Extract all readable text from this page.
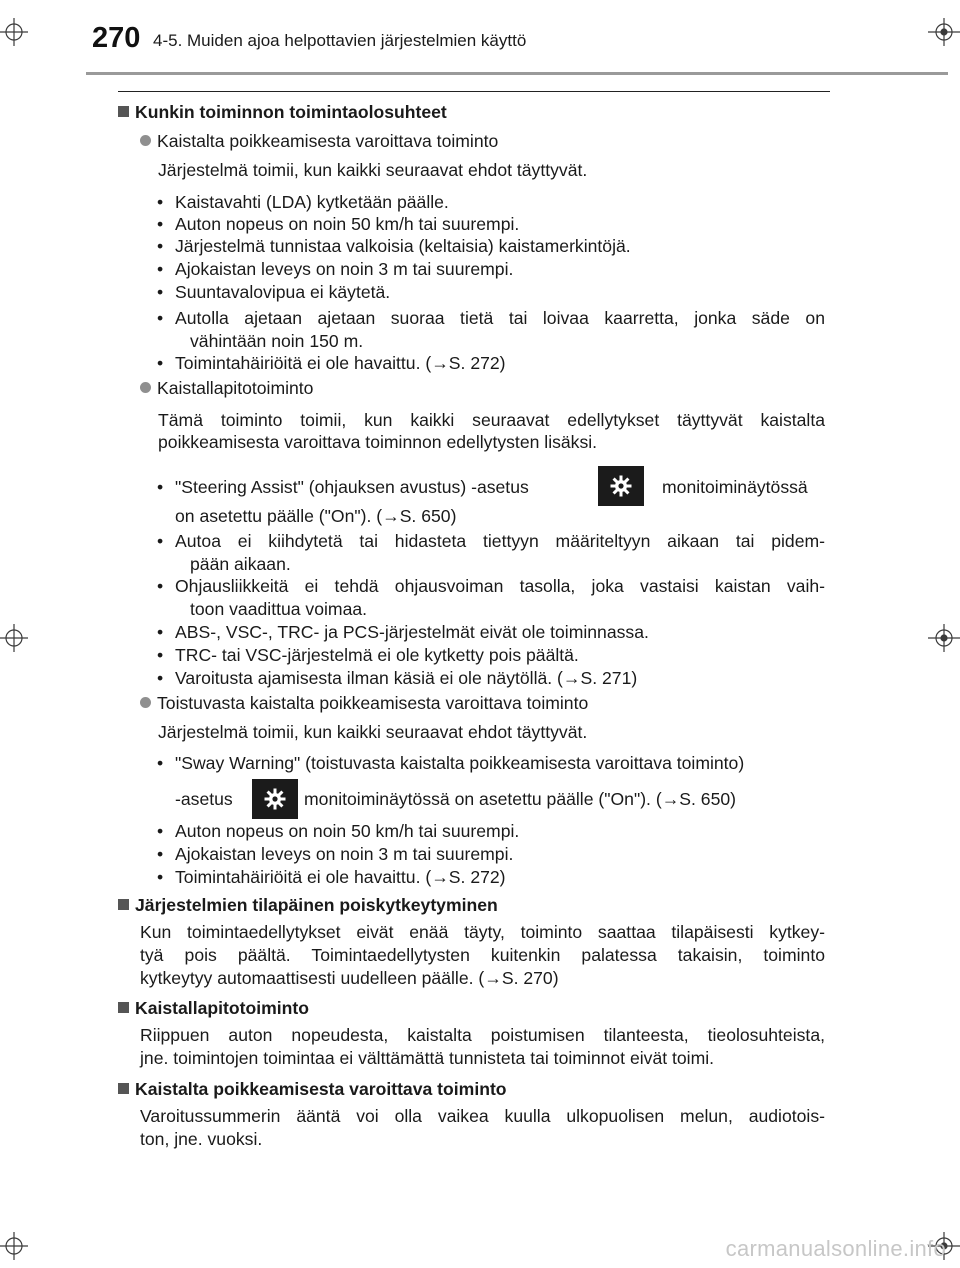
270 4-5. Muiden ajoa helpottavien järjestelmien käyttö
Kunkin toiminnon toimintaolosuhteet
Kaistalta poikkeamisesta varoittava toiminto
Järjestelmä toimii, kun kaikki seuraavat ehdot täyttyvät.
• Kaistavahti (LDA) kytketään päälle.
• Auton nopeus on noin 50 km/h tai suurempi.
• Järjestelmä tunnistaa valkoisia (keltaisia) kaistamerkintöjä.
• Ajokaistan leveys on noin 3 m tai suurempi.
• Suuntavalovipua ei käytetä.
• Autolla ajetaan ajetaan suoraa tietä tai loivaa kaarretta, jonka säde on
vähintään noin 150 m.
• Toimintahäiriöitä ei ole havaittu. (→S. 272)
Kaistallapitotoiminto
Tämä toiminto toimii, kun kaikki seuraavat edellytykset täyttyvät kaistalta
poikkeamisesta varoittava toiminnon edellytysten lisäksi.
• "Steering Assist" (ohjauksen avustus) -asetus	monitoiminäytössä
on asetettu päälle ("On"). (→S. 650)
• Autoa ei kiihdytetä tai hidasteta tiettyyn määriteltyyn aikaan tai pidem-
pään aikaan.
• Ohjausliikkeitä ei tehdä ohjausvoiman tasolla, joka vastaisi kaistan vaih-
toon vaadittua voimaa.
• ABS-, VSC-, TRC- ja PCS-järjestelmät eivät ole toiminnassa.
• TRC- tai VSC-järjestelmä ei ole kytketty pois päältä.
• Varoitusta ajamisesta ilman käsiä ei ole näytöllä. (→S. 271)
Toistuvasta kaistalta poikkeamisesta varoittava toiminto
Järjestelmä toimii, kun kaikki seuraavat ehdot täyttyvät.
• "Sway Warning" (toistuvasta kaistalta poikkeamisesta varoittava toiminto)
-asetus	monitoiminäytössä on asetettu päälle ("On"). (→S. 650)
• Auton nopeus on noin 50 km/h tai suurempi.
• Ajokaistan leveys on noin 3 m tai suurempi.
• Toimintahäiriöitä ei ole havaittu. (→S. 272)
Järjestelmien tilapäinen poiskytkeytyminen
Kun toimintaedellytykset eivät enää täyty, toiminto saattaa tilapäisesti kytkey-
tyä pois päältä. Toimintaedellytysten kuitenkin palatessa takaisin, toiminto
kytkeytyy automaattisesti uudelleen päälle. (→S. 270)
Kaistallapitotoiminto
Riippuen auton nopeudesta, kaistalta poistumisen tilanteesta, tieolosuhteista,
jne. toimintojen toimintaa ei välttämättä tunnisteta tai toiminnot eivät toimi.
Kaistalta poikkeamisesta varoittava toiminto
Varoitussummerin ääntä voi olla vaikea kuulla ulkopuolisen melun, audiotois-
ton, jne. vuoksi.
carmanualsonline.info
